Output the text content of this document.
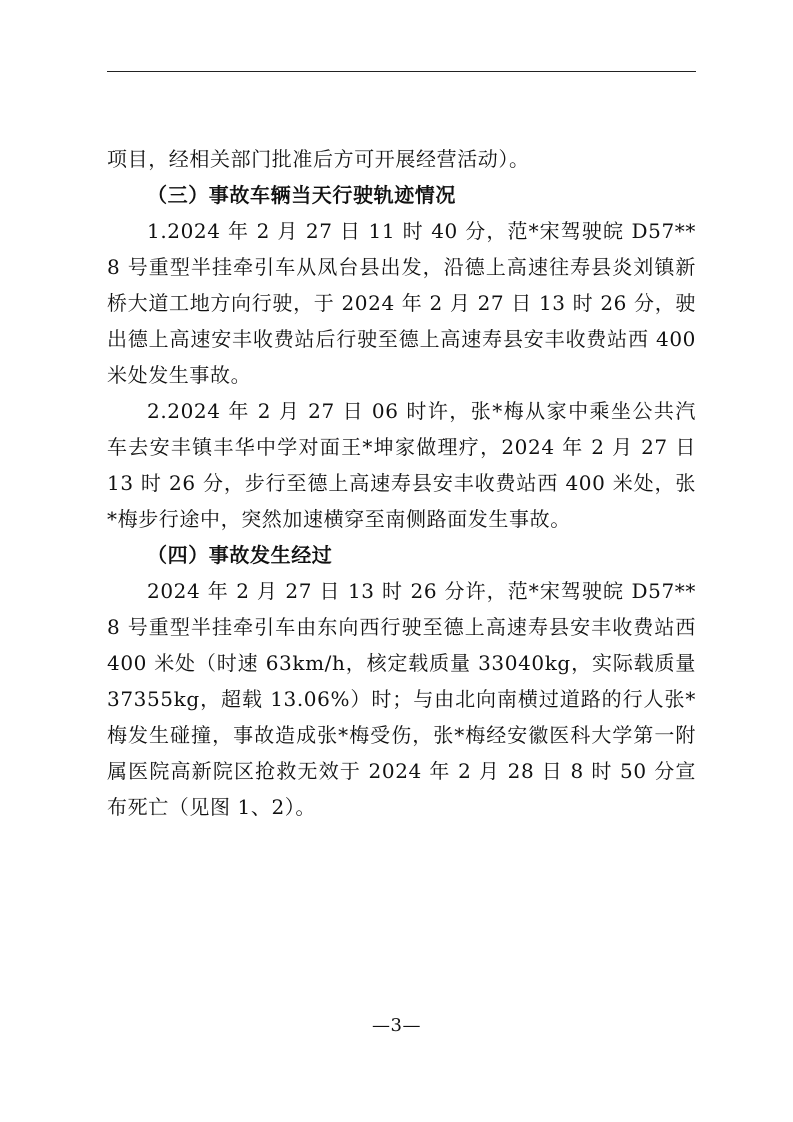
项目，经相关部门批准后方可开展经营活动）。

（三）事故车辆当天行驶轨迹情况

1.2024 年 2 月 27 日 11 时 40 分，范*宋驾驶皖 D57**8 号重型半挂牵引车从凤台县出发，沿德上高速往寿县炎刘镇新桥大道工地方向行驶，于 2024 年 2 月 27 日 13 时 26 分，驶出德上高速安丰收费站后行驶至德上高速寿县安丰收费站西 400 米处发生事故。

2.2024 年 2 月 27 日 06 时许，张*梅从家中乘坐公共汽车去安丰镇丰华中学对面王*坤家做理疗，2024 年 2 月 27 日 13 时 26 分，步行至德上高速寿县安丰收费站西 400 米处，张*梅步行途中，突然加速横穿至南侧路面发生事故。

（四）事故发生经过

2024 年 2 月 27 日 13 时 26 分许，范*宋驾驶皖 D57**8 号重型半挂牵引车由东向西行驶至德上高速寿县安丰收费站西 400 米处（时速 63km/h，核定载质量 33040kg，实际载质量 37355kg，超载 13.06%）时；与由北向南横过道路的行人张*梅发生碰撞，事故造成张*梅受伤，张*梅经安徽医科大学第一附属医院高新院区抢救无效于 2024 年 2 月 28 日 8 时 50 分宣布死亡（见图 1、2）。

—3—
